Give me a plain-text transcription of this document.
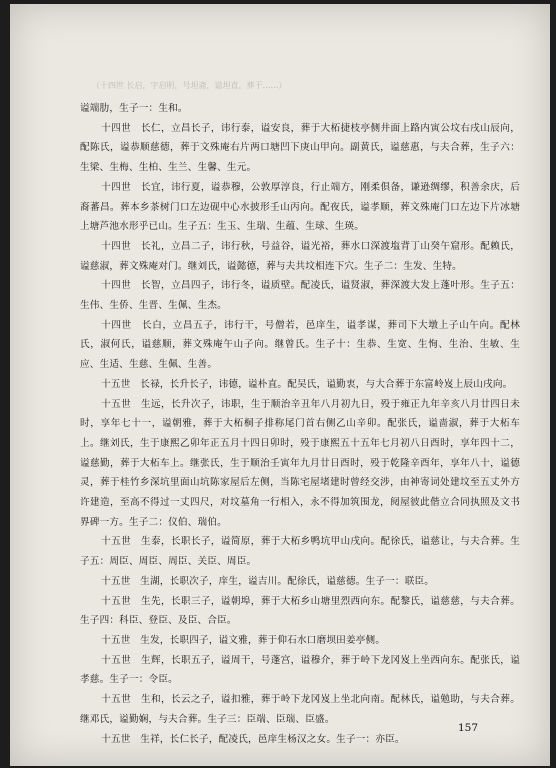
（十四世 长启，字启明，号坦斋，谥坦直，葬于……）

谥端肋，生子一：生和。

十四世　长仁，立昌长子，讳行泰，谥安良，葬于大柘捷枝亭侧井面上路内寅公坟右戌山辰向，配陈氏，谥恭顺慈德，葬于文殊庵右片两口塘凹下庚山甲向。副黄氏，谥慈惠，与夫合葬，生子六：生梁、生梅、生柏、生兰、生馨、生元。

十四世　长宜，讳行夏，谥恭穆，公敦厚淳良，行止端方，刚柔俱备，谦逊绸缪，积善余庆，后裔蕃昌。葬本乡茶树门口左边砚中心水披形壬山丙向。配夜氏，谥孝顺，葬文殊庵门口左边下片冰塘上塘芦池水形乎已山。生子五：生玉、生瑞、生蕴、生球、生瑛。

十四世　长礼，立昌二子，讳行秋，号益谷，谥光裕，葬水口深渡塩背丁山癸午窟形。配赖氏，谥慈淑，葬文殊庵对门。继刘氏，谥懿德，葬与夫共坟相连下穴。生子二：生发、生特。

十四世　长智，立昌四子，讳行冬，谥质壁。配凌氏，谥贤淑，葬深渡大发上蓬叶形。生子五：生伟、生侨、生晋、生佩、生杰。

十四世　长白，立昌五子，讳行干，号僧若，邑庠生，谥孝谋，葬司下大墩上子山午向。配林氏，淑何氏，谥慈顺，葬文殊庵午山子向。继曾氏。生子十：生恭、生宽、生恂、生治、生敏、生应、生适、生慈、生佩、生善。

十五世　长禄，长升长子，讳德，谥朴直。配吴氏，谥勤衷，与大合葬于东富岭岌上辰山戌向。

十五世　生远，长升次子，讳职，生于顺治辛丑年八月初九日，殁于雍正九年辛亥八月廿四日未时，享年七十一，谥朝雅，葬于大柘桐子排称尾门首右侧乙山辛卯。配张氏，谥啬淑，葬于大柘车上。继刘氏，生于康熙乙卯年正五月十四日卯时，殁于康熙五十五年七月初八日酉时，享年四十二，谥慈勤，葬于大柘车上。继张氏，生于顺治壬寅年九月廿日酉时，殁于乾隆辛酉年，享年八十，谥德灵，葬于桂竹乡深坑里面山坑陈家屋后左侧，当陈宅屋堵建时曾经交涉，由神寄词处建坟至五丈外方许建造，至高不得过一丈四尺，对坟墓角一行相入，永不得加筑围龙，阋屋彼此偕立合同执照及文书界碑一方。生子二：仪伯、瑞伯。

十五世　生泰，长职长子，谥简原，葬于大柘乡鸭坑甲山戌向。配徐氏，谥慈让，与夫合葬。生子五：周臣、周臣、周臣、关臣、周臣。

十五世　生湖，长职次子，庠生，谥吉川。配徐氏，谥慈德。生子一：联臣。

十五世　生先，长职三子，谥朝埠，葬于大柘乡山塘里烈西向东。配黎氏，谥慈慈，与夫合葬。生子四：科臣、登臣、及臣、合臣。

十五世　生发，长职四子，谥文雅，葬于仰石水口磨坝田姜亭侧。

十五世　生辉，长职五子，谥周干，号蓬宫，谥穆介，葬于岭下龙冈岌上坐西向东。配张氏，谥孝慈。生子一：令臣。

十五世　生和，长云之子，谥扣雅，葬于岭下龙冈岌上坐北向南。配林氏，谥勉助，与夫合葬。继邓氏，谥勤娴，与夫合葬。生子三：臣端、臣瑞、臣盛。

十五世　生祥，长仁长子，配凌氏，邑庠生杨汉之女。生子一：亦臣。

157
